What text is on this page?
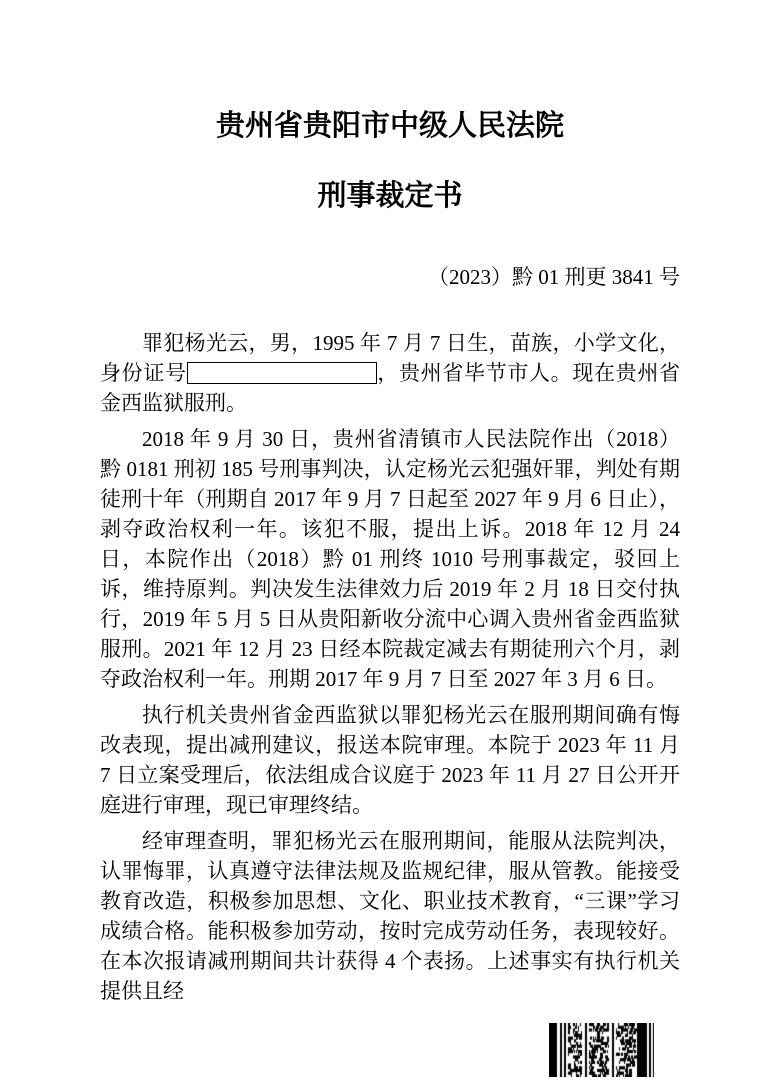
贵州省贵阳市中级人民法院
刑事裁定书
（2023）黔 01 刑更 3841 号

罪犯杨光云，男，1995 年 7 月 7 日生，苗族，小学文化，身份证号	，贵州省毕节市人。现在贵州省金西监狱服刑。

2018 年 9 月 30 日，贵州省清镇市人民法院作出（2018）黔 0181 刑初 185 号刑事判决，认定杨光云犯强奸罪，判处有期徒刑十年（刑期自 2017 年 9 月 7 日起至 2027 年 9 月 6 日止），剥夺政治权利一年。该犯不服，提出上诉。2018 年 12 月 24 日，本院作出（2018）黔 01 刑终 1010 号刑事裁定，驳回上诉，维持原判。判决发生法律效力后 2019 年 2 月 18 日交付执行，2019 年 5 月 5 日从贵阳新收分流中心调入贵州省金西监狱服刑。2021 年 12 月 23 日经本院裁定减去有期徒刑六个月，剥夺政治权利一年。刑期 2017 年 9 月 7 日至 2027 年 3 月 6 日。

执行机关贵州省金西监狱以罪犯杨光云在服刑期间确有悔改表现，提出减刑建议，报送本院审理。本院于 2023 年 11 月 7 日立案受理后，依法组成合议庭于 2023 年 11 月 27 日公开开庭进行审理，现已审理终结。

经审理查明，罪犯杨光云在服刑期间，能服从法院判决，认罪悔罪，认真遵守法律法规及监规纪律，服从管教。能接受教育改造，积极参加思想、文化、职业技术教育，“三课”学习成绩合格。能积极参加劳动，按时完成劳动任务，表现较好。在本次报请减刑期间共计获得 4 个表扬。上述事实有执行机关提供且经
